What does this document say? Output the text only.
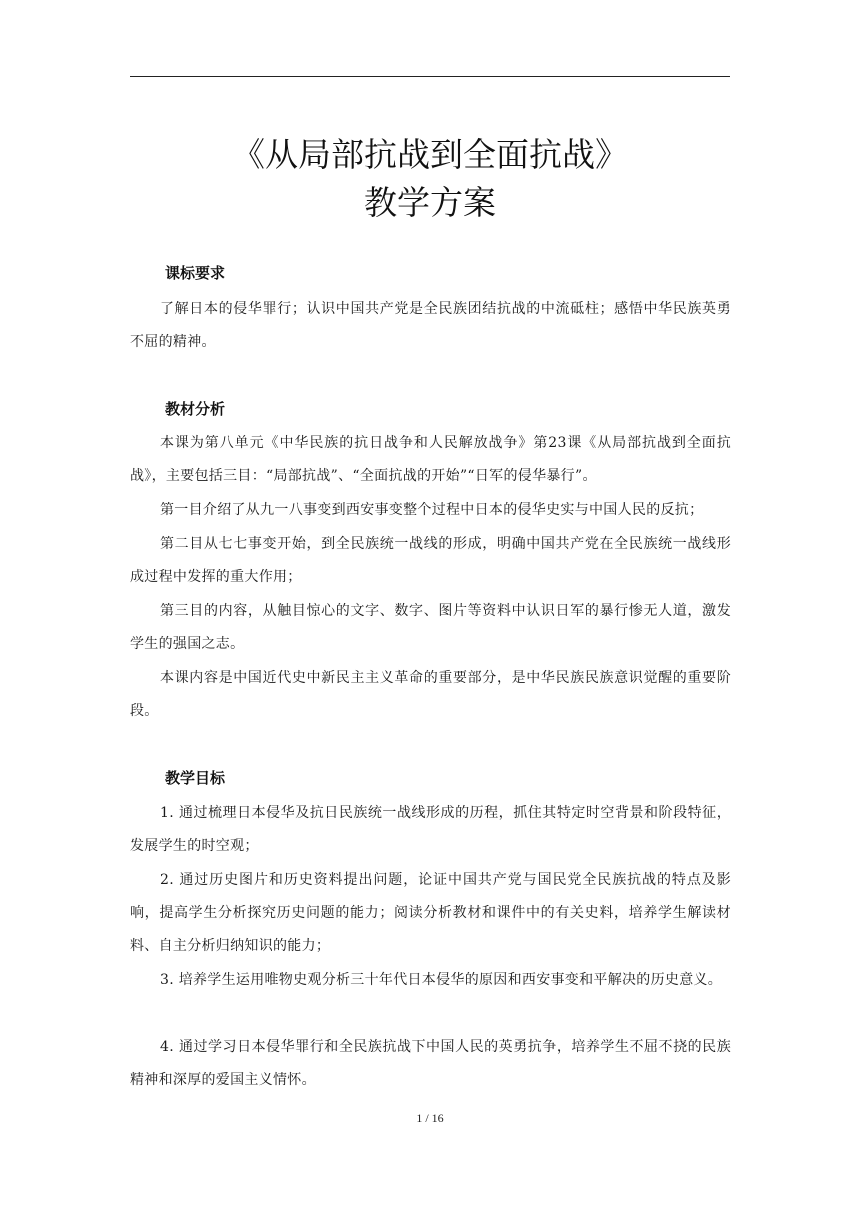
《从局部抗战到全面抗战》
教学方案
课标要求

了解日本的侵华罪行；认识中国共产党是全民族团结抗战的中流砥柱；感悟中华民族英勇不屈的精神。

教材分析

本课为第八单元《中华民族的抗日战争和人民解放战争》第23课《从局部抗战到全面抗战》，主要包括三目：“局部抗战”、“全面抗战的开始”“日军的侵华暴行”。

第一目介绍了从九一八事变到西安事变整个过程中日本的侵华史实与中国人民的反抗；

第二目从七七事变开始，到全民族统一战线的形成，明确中国共产党在全民族统一战线形成过程中发挥的重大作用；

第三目的内容，从触目惊心的文字、数字、图片等资料中认识日军的暴行惨无人道，激发学生的强国之志。

本课内容是中国近代史中新民主主义革命的重要部分，是中华民族民族意识觉醒的重要阶段。

教学目标

1. 通过梳理日本侵华及抗日民族统一战线形成的历程，抓住其特定时空背景和阶段特征，发展学生的时空观；

2. 通过历史图片和历史资料提出问题，论证中国共产党与国民党全民族抗战的特点及影响，提高学生分析探究历史问题的能力；阅读分析教材和课件中的有关史料，培养学生解读材料、自主分析归纳知识的能力；

3. 培养学生运用唯物史观分析三十年代日本侵华的原因和西安事变和平解决的历史意义。

4. 通过学习日本侵华罪行和全民族抗战下中国人民的英勇抗争，培养学生不屈不挠的民族精神和深厚的爱国主义情怀。

1 / 16
